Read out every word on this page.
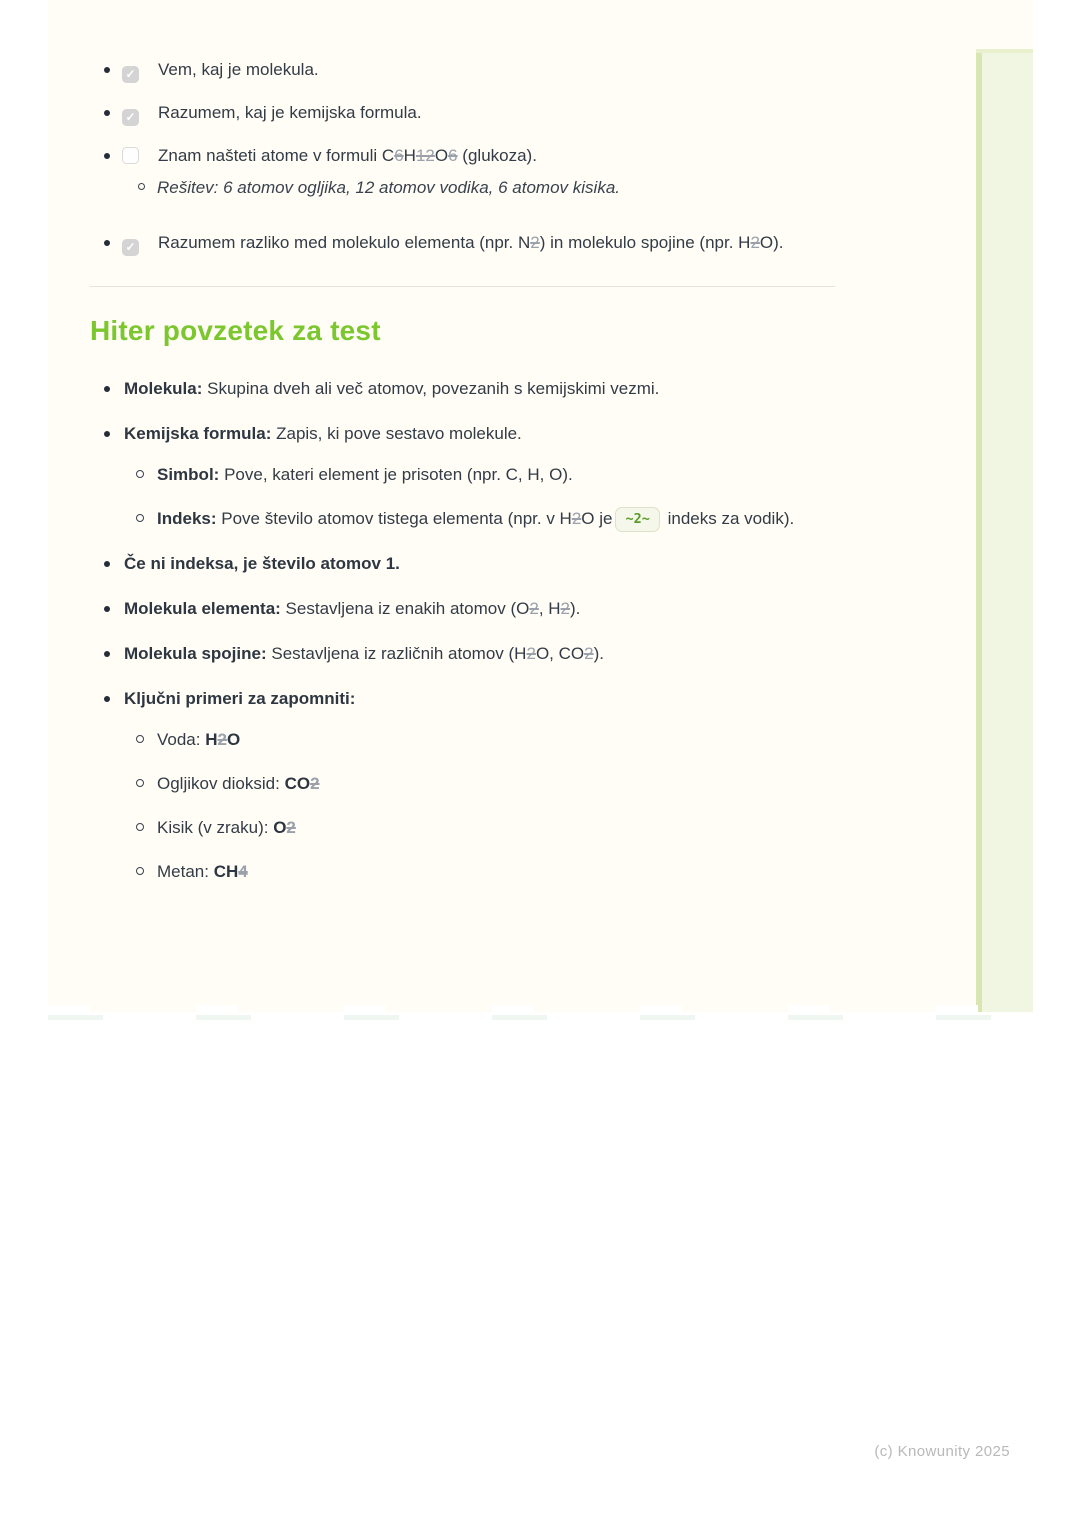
✓ Vem, kaj je molekula.
✓ Razumem, kaj je kemijska formula.
Znam našteti atome v formuli C6H12O6 (glukoza).
Rešitev: 6 atomov ogljika, 12 atomov vodika, 6 atomov kisika.
✓ Razumem razliko med molekulo elementa (npr. N2) in molekulo spojine (npr. H2O).
Hiter povzetek za test
Molekula: Skupina dveh ali več atomov, povezanih s kemijskimi vezmi.
Kemijska formula: Zapis, ki pove sestavo molekule.
Simbol: Pove, kateri element je prisoten (npr. C, H, O).
Indeks: Pove število atomov tistega elementa (npr. v H2O je ~2~ indeks za vodik).
Če ni indeksa, je število atomov 1.
Molekula elementa: Sestavljena iz enakih atomov (O2, H2).
Molekula spojine: Sestavljena iz različnih atomov (H2O, CO2).
Ključni primeri za zapomniti:
Voda: H2O
Ogljikov dioksid: CO2
Kisik (v zraku): O2
Metan: CH4
(c) Knowunity 2025
